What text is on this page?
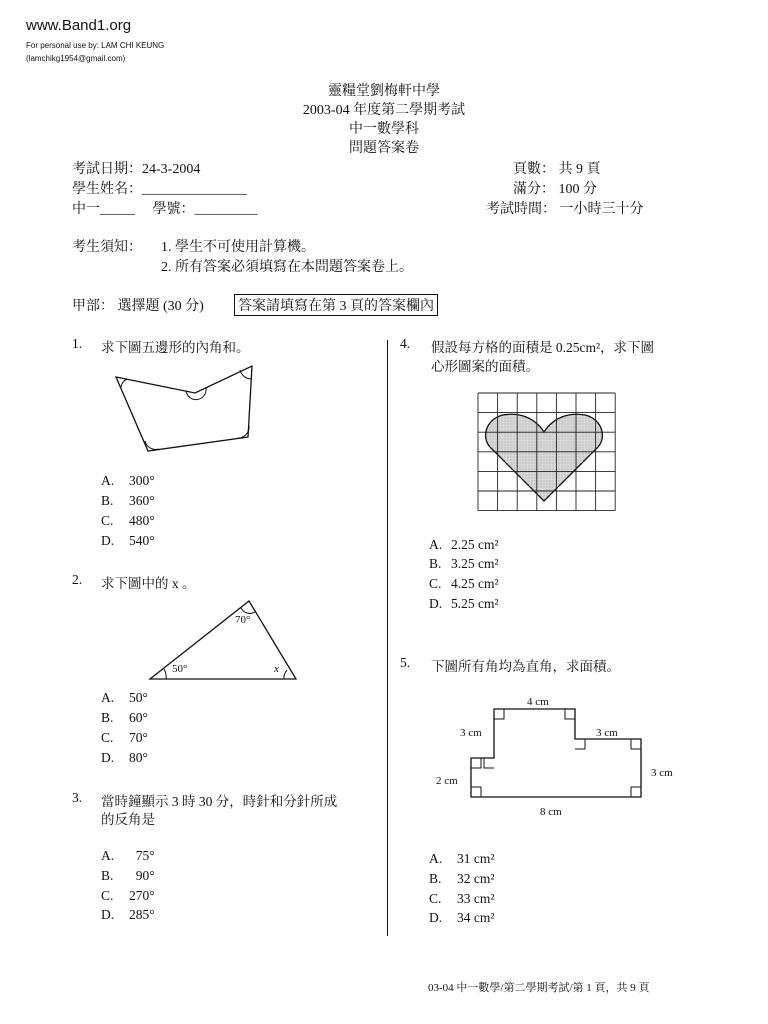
www.Band1.org
For personal use by: LAM CHI KEUNG
(lamchikg1954@gmail.com)
靈糧堂劉梅軒中學
2003-04 年度第二學期考試
中一數學科
問題答案卷
考試日期：24-3-2004
學生姓名：_______________
中一_____　 學號：_________
頁數： 共 9 頁
滿分： 100 分
考試時間： 一小時三十分
考生須知： 1. 學生不可使用計算機。
2. 所有答案必須填寫在本問題答案卷上。
甲部： 選擇題 (30 分) 答案請填寫在第 3 頁的答案欄內
1. 求下圖五邊形的內角和。
A. 300°
B. 360°
C. 480°
D. 540°
2. 求下圖中的 x 。
70°
50°	x
A. 50°
B. 60°
C. 70°
D. 80°
3. 當時鐘顯示 3 時 30 分，時針和分針所成
的反角是
A.  75°
B.  90°
C. 270°
D. 285°
4. 假設每方格的面積是 0.25cm²，求下圖
心形圖案的面積。
A. 2.25 cm²
B. 3.25 cm²
C. 4.25 cm²
D. 5.25 cm²
5. 下圖所有角均為直角，求面積。
4 cm
3 cm	3 cm
3 cm
2 cm
8 cm
A. 31 cm²
B. 32 cm²
C. 33 cm²
D. 34 cm²
03-04 中一數學/第二學期考試/第 1 頁，共 9 頁
